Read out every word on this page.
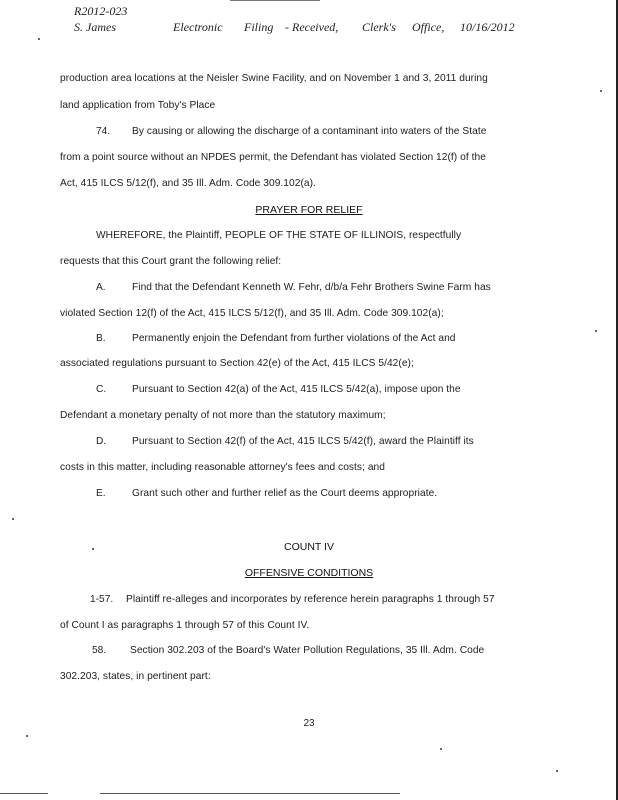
R2012-023
S. James	Electronic Filing - Received, Clerk's Office, 10/16/2012
production area locations at the Neisler Swine Facility, and on November 1 and 3, 2011 during
land application from Toby's Place
74. By causing or allowing the discharge of a contaminant into waters of the State
from a point source without an NPDES permit, the Defendant has violated Section 12(f) of the
Act, 415 ILCS 5/12(f), and 35 Ill. Adm. Code 309.102(a).
PRAYER FOR RELIEF
WHEREFORE, the Plaintiff, PEOPLE OF THE STATE OF ILLINOIS, respectfully
requests that this Court grant the following relief:
A.	Find that the Defendant Kenneth W. Fehr, d/b/a Fehr Brothers Swine Farm has
violated Section 12(f) of the Act, 415 ILCS 5/12(f), and 35 Ill. Adm. Code 309.102(a);
B.	Permanently enjoin the Defendant from further violations of the Act and
associated regulations pursuant to Section 42(e) of the Act, 415 ILCS 5/42(e);
C.	Pursuant to Section 42(a) of the Act, 415 ILCS 5/42(a), impose upon the
Defendant a monetary penalty of not more than the statutory maximum;
D.	Pursuant to Section 42(f) of the Act, 415 ILCS 5/42(f), award the Plaintiff its
costs in this matter, including reasonable attorney's fees and costs; and
E.	Grant such other and further relief as the Court deems appropriate.
COUNT IV
OFFENSIVE CONDITIONS
1-57. Plaintiff re-alleges and incorporates by reference herein paragraphs 1 through 57
of Count I as paragraphs 1 through 57 of this Count IV.
58. Section 302.203 of the Board's Water Pollution Regulations, 35 Ill. Adm. Code
302.203, states, in pertinent part:
23
